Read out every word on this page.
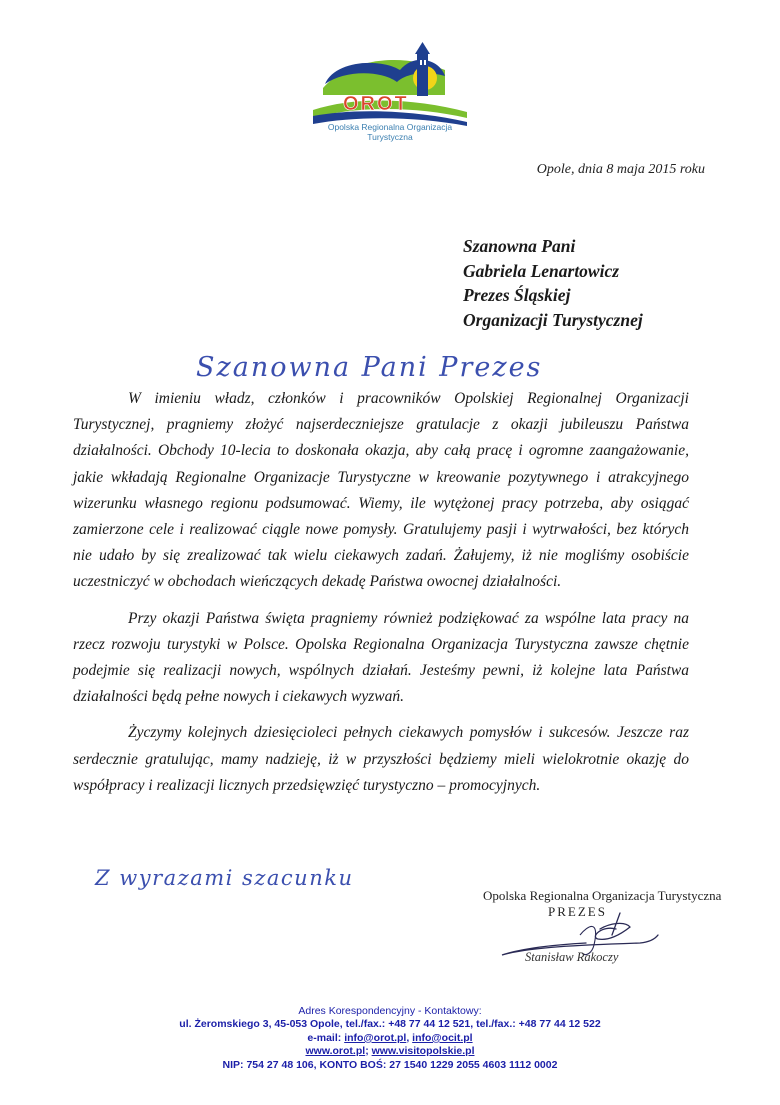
OROT
Opolska Regionalna Organizacja Turystyczna
Opole, dnia 8 maja 2015 roku
Szanowna Pani
Gabriela Lenartowicz
Prezes Śląskiej
Organizacji Turystycznej
Szanowna Pani Prezes

W imieniu władz, członków i pracowników Opolskiej Regionalnej Organizacji Turystycznej, pragniemy złożyć najserdeczniejsze gratulacje z okazji jubileuszu Państwa działalności. Obchody 10-lecia to doskonała okazja, aby całą pracę i ogromne zaangażowanie, jakie wkładają Regionalne Organizacje Turystyczne w kreowanie pozytywnego i atrakcyjnego wizerunku własnego regionu podsumować. Wiemy, ile wytężonej pracy potrzeba, aby osiągać zamierzone cele i realizować ciągle nowe pomysły. Gratulujemy pasji i wytrwałości, bez których nie udało by się zrealizować tak wielu ciekawych zadań. Żałujemy, iż nie mogliśmy osobiście uczestniczyć w obchodach wieńczących dekadę Państwa owocnej działalności.

Przy okazji Państwa święta pragniemy również podziękować za wspólne lata pracy na rzecz rozwoju turystyki w Polsce. Opolska Regionalna Organizacja Turystyczna zawsze chętnie podejmie się realizacji nowych, wspólnych działań. Jesteśmy pewni, iż kolejne lata Państwa działalności będą pełne nowych i ciekawych wyzwań.

Życzymy kolejnych dziesięcioleci pełnych ciekawych pomysłów i sukcesów. Jeszcze raz serdecznie gratulując, mamy nadzieję, iż w przyszłości będziemy mieli wielokrotnie okazję do współpracy i realizacji licznych przedsięwzięć turystyczno – promocyjnych.

Z wyrazami szacunku
Opolska Regionalna Organizacja Turystyczna
PREZES
Stanisław Rakoczy
Adres Korespondencyjny - Kontaktowy:
ul. Żeromskiego 3, 45-053 Opole, tel./fax.: +48 77 44 12 521, tel./fax.: +48 77 44 12 522
e-mail: info@orot.pl, info@ocit.pl
www.orot.pl; www.visitopolskie.pl
NIP: 754 27 48 106, KONTO BOŚ: 27 1540 1229 2055 4603 1112 0002
